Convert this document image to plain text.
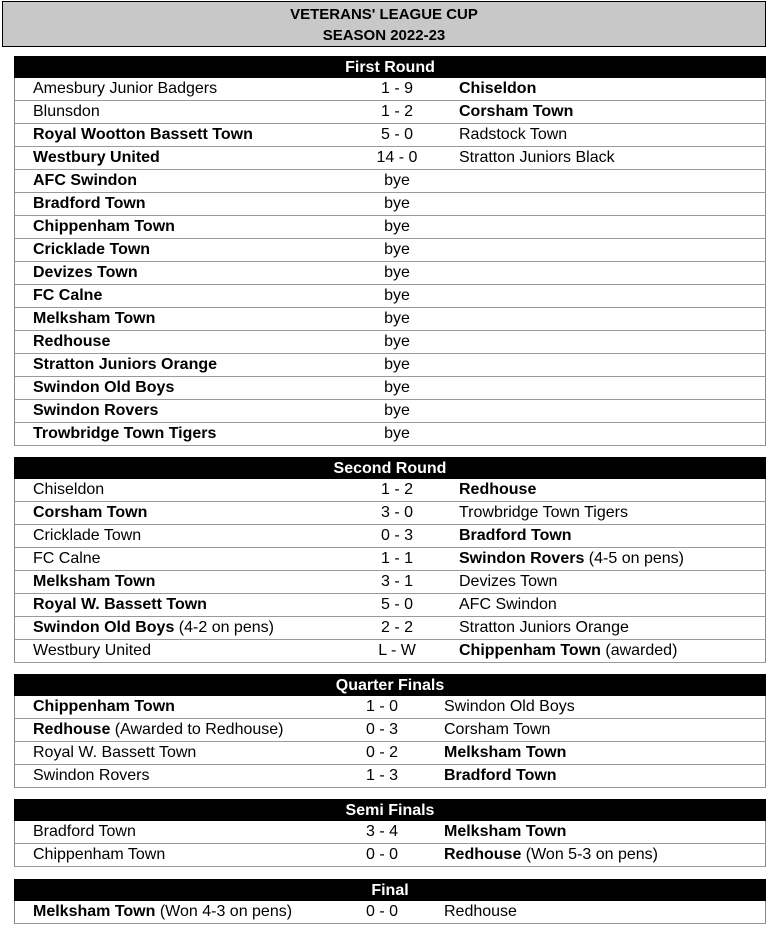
VETERANS' LEAGUE CUP
SEASON 2022-23
First Round
Amesbury Junior Badgers	1 - 9	Chiseldon
Blunsdon	1 - 2	Corsham Town
Royal Wootton Bassett Town	5 - 0	Radstock Town
Westbury United	14 - 0	Stratton Juniors Black
AFC Swindon	bye
Bradford Town	bye
Chippenham Town	bye
Cricklade Town	bye
Devizes Town	bye
FC Calne	bye
Melksham Town	bye
Redhouse	bye
Stratton Juniors Orange	bye
Swindon Old Boys	bye
Swindon Rovers	bye
Trowbridge Town Tigers	bye
Second Round
Chiseldon	1 - 2	Redhouse
Corsham Town	3 - 0	Trowbridge Town Tigers
Cricklade Town	0 - 3	Bradford Town
FC Calne	1 - 1	Swindon Rovers (4-5 on pens)
Melksham Town	3 - 1	Devizes Town
Royal W. Bassett Town	5 - 0	AFC Swindon
Swindon Old Boys (4-2 on pens)	2 - 2	Stratton Juniors Orange
Westbury United	L - W	Chippenham Town (awarded)
Quarter Finals
Chippenham Town	1 - 0	Swindon Old Boys
Redhouse (Awarded to Redhouse)	0 - 3	Corsham Town
Royal W. Bassett Town	0 - 2	Melksham Town
Swindon Rovers	1 - 3	Bradford Town
Semi Finals
Bradford Town	3 - 4	Melksham Town
Chippenham Town	0 - 0	Redhouse (Won 5-3 on pens)
Final
Melksham Town (Won 4-3 on pens)	0 - 0	Redhouse
